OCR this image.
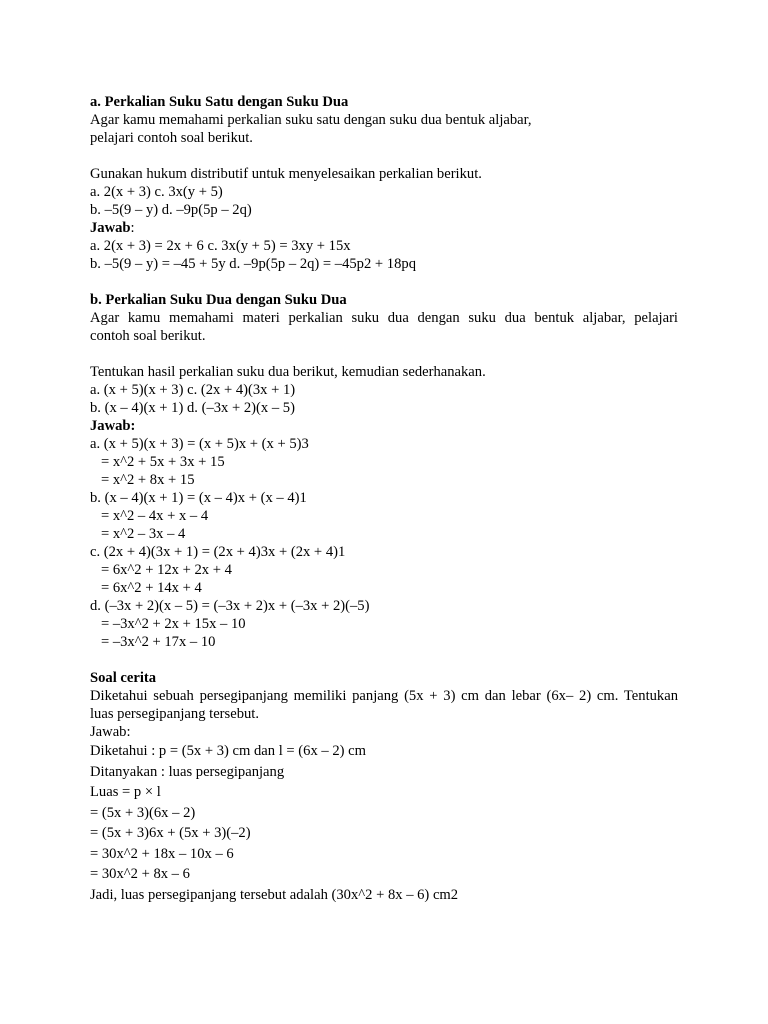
a. Perkalian Suku Satu dengan Suku Dua
Agar kamu memahami perkalian suku satu dengan suku dua bentuk aljabar,
pelajari contoh soal berikut.
Gunakan hukum distributif untuk menyelesaikan perkalian berikut.
a. 2(x + 3) c. 3x(y + 5)
b. –5(9 – y) d. –9p(5p – 2q)
Jawab:
a. 2(x + 3) = 2x + 6 c. 3x(y + 5) = 3xy + 15x
b. –5(9 – y) = –45 + 5y d. –9p(5p – 2q) = –45p2 + 18pq
b. Perkalian Suku Dua dengan Suku Dua
Agar kamu memahami materi perkalian suku dua dengan suku dua bentuk aljabar, pelajari
contoh soal berikut.
Tentukan hasil perkalian suku dua berikut, kemudian sederhanakan.
a. (x + 5)(x + 3) c. (2x + 4)(3x + 1)
b. (x – 4)(x + 1) d. (–3x + 2)(x – 5)
Jawab:
a. (x + 5)(x + 3) = (x + 5)x + (x + 5)3
= x^2 + 5x + 3x + 15
= x^2 + 8x + 15
b. (x – 4)(x + 1) = (x – 4)x + (x – 4)1
= x^2 – 4x + x – 4
= x^2 – 3x – 4
c. (2x + 4)(3x + 1) = (2x + 4)3x + (2x + 4)1
= 6x^2 + 12x + 2x + 4
= 6x^2 + 14x + 4
d. (–3x + 2)(x – 5) = (–3x + 2)x + (–3x + 2)(–5)
= –3x^2 + 2x + 15x – 10
= –3x^2 + 17x – 10
Soal cerita
Diketahui sebuah persegipanjang memiliki panjang (5x + 3) cm dan lebar (6x– 2) cm. Tentukan
luas persegipanjang tersebut.
Jawab:
Diketahui : p = (5x + 3) cm dan l = (6x – 2) cm
Ditanyakan : luas persegipanjang
Luas = p × l
= (5x + 3)(6x – 2)
= (5x + 3)6x + (5x + 3)(–2)
= 30x^2 + 18x – 10x – 6
= 30x^2 + 8x – 6
Jadi, luas persegipanjang tersebut adalah (30x^2 + 8x – 6) cm2
